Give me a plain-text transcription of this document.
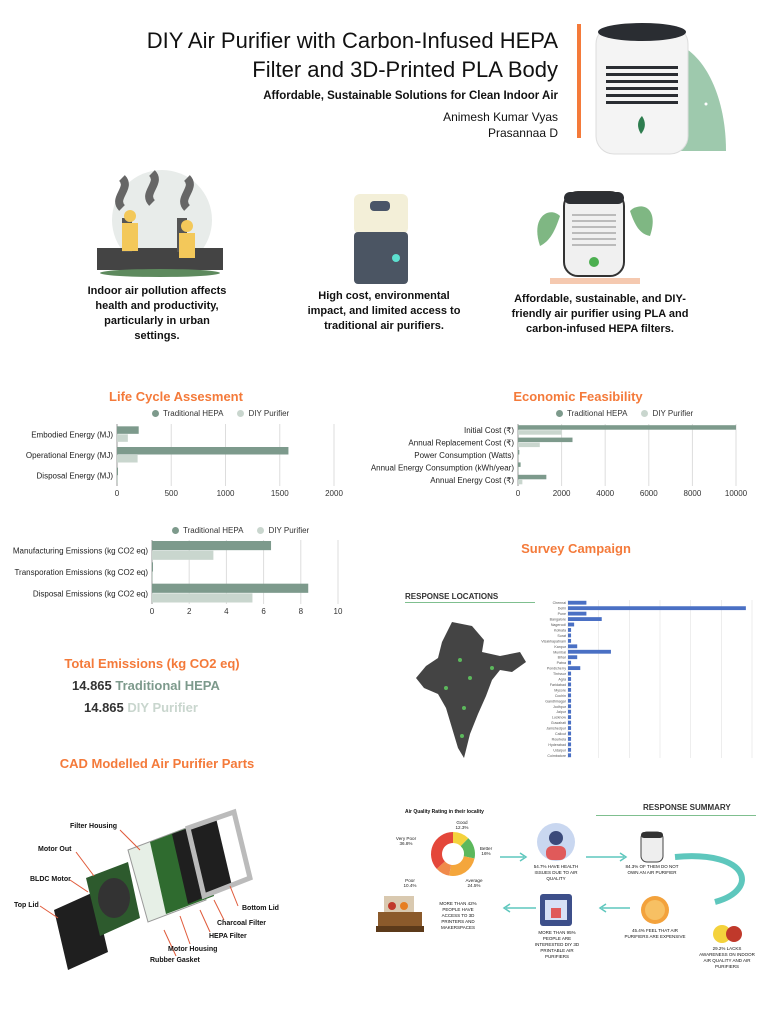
DIY Air Purifier with Carbon-Infused HEPA
Filter and 3D-Printed PLA Body
Affordable, Sustainable Solutions for Clean Indoor Air
Animesh Kumar Vyas
Prasannaa D
Indoor air pollution affects health and productivity, particularly in urban settings.
High cost, environmental impact, and limited access to traditional air purifiers.
Affordable, sustainable, and DIY-friendly air purifier using PLA and carbon-infused HEPA filters.
Life Cycle Assesment
Traditional HEPA	DIY Purifier
0	500	1000	1500	2000
Embodied Energy (MJ)
Operational Energy (MJ)
Disposal Energy (MJ)
Economic Feasibility
Traditional HEPA	DIY Purifier
0	2000	4000	6000	8000	10000
Initial Cost (₹)
Annual Replacement Cost (₹)
Power Consumption (Watts)
Annual Energy Consumption (kWh/year)
Annual Energy Cost (₹)
Traditional HEPA	DIY Purifier
0	2	4	6	8	10
Manufacturing Emissions (kg CO2 eq)
Transporation Emissions (kg CO2 eq)
Disposal Emissions (kg CO2 eq)
Total Emissions (kg CO2 eq)
14.865 Traditional HEPA
14.865 DIY Purifier
Survey Campaign
RESPONSE LOCATIONS
Chennai
Delhi
Pune
Bangalore
Nagercoil
Kolkata
Surat
Visakhapatnam
Kanpur
Mumbai
Bihar
Patna
Pondicherry
Thrissur
Agra
Faridabad
Mysore
Cochin
Gandhinagar
Jodhpur
Jaipur
Lucknow
Guwahati
Jamshedpur
Calicut
Rourkela
Hyderabad
Udaipur
Coimbatore
RESPONSE SUMMARY
Air Quality Rating in their locality
Good
12.3%
Better
16%
Average
24.5%
Poor
10.4%
Very Poor
36.8%
54.7% HAVE HEALTH ISSUES DUE TO AIR QUALITY
84.3% OF THEM DO NOT OWN AN AIR PURIFIER
45.4% FEEL THAT AIR PURIFIERS ARE EXPENSIVE
MORE THAN 95% PEOPLE ARE INTERESTED DIY 3D PRINTABLE AIR PURIFIERS
MORE THAN 42% PEOPLE HAVE ACCESS TO 3D PRINTERS AND MAKERSPACES
29.2% LACKS AWARENESS ON INDOOR AIR QUALITY AND AIR PURIFIERS
CAD Modelled Air Purifier Parts
Filter Housing
Motor Out
BLDC Motor
Top Lid	Bottom Lid
Charcoal Filter
HEPA Filter
Motor Housing
Rubber Gasket
